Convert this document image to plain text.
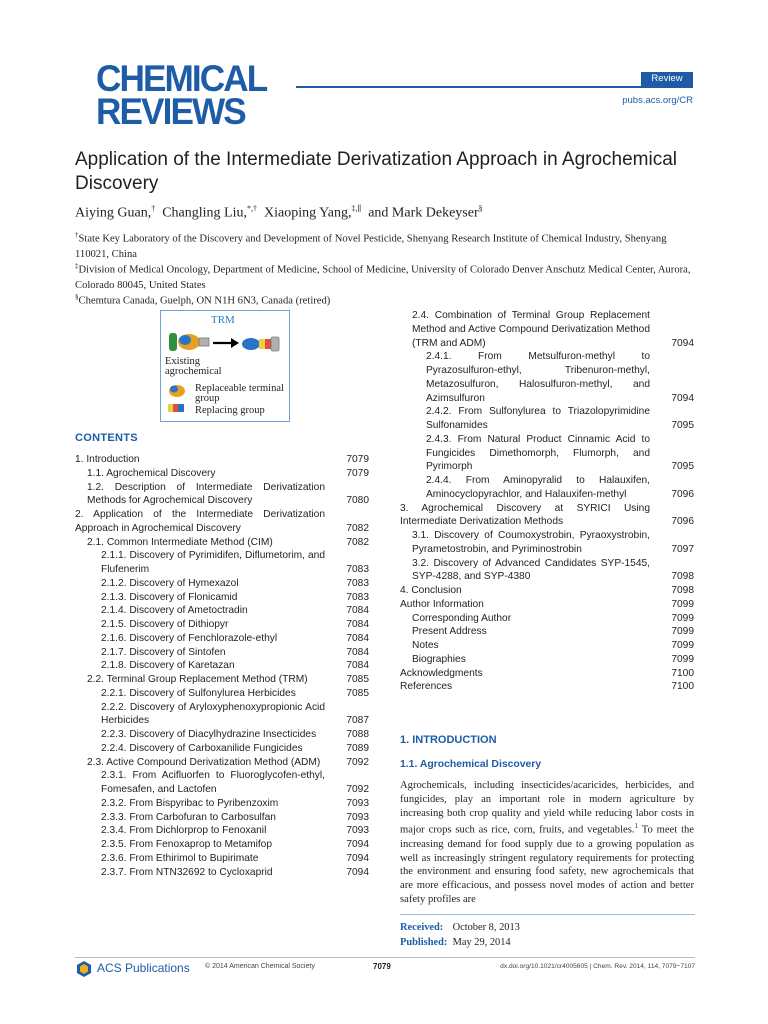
CHEMICAL
REVIEWS
Review
pubs.acs.org/CR
Application of the Intermediate Derivatization Approach in Agrochemical Discovery
Aiying Guan,† Changling Liu,*,† Xiaoping Yang,‡,∥ and Mark Dekeyser§
†State Key Laboratory of the Discovery and Development of Novel Pesticide, Shenyang Research Institute of Chemical Industry, Shenyang 110021, China
‡Division of Medical Oncology, Department of Medicine, School of Medicine, University of Colorado Denver Anschutz Medical Center, Aurora, Colorado 80045, United States
§Chemtura Canada, Guelph, ON N1H 6N3, Canada (retired)
TRM
Existing agrochemical
Replaceable terminal group
Replacing group
CONTENTS
1. Introduction	7079
1.1. Agrochemical Discovery	7079
1.2. Description of Intermediate Derivatization Methods for Agrochemical Discovery	7080
2. Application of the Intermediate Derivatization Approach in Agrochemical Discovery	7082
2.1. Common Intermediate Method (CIM)	7082
2.1.1. Discovery of Pyrimidifen, Diflumetorim, and Flufenerim	7083
2.1.2. Discovery of Hymexazol	7083
2.1.3. Discovery of Flonicamid	7083
2.1.4. Discovery of Ametoctradin	7084
2.1.5. Discovery of Dithiopyr	7084
2.1.6. Discovery of Fenchlorazole-ethyl	7084
2.1.7. Discovery of Sintofen	7084
2.1.8. Discovery of Karetazan	7084
2.2. Terminal Group Replacement Method (TRM)	7085
2.2.1. Discovery of Sulfonylurea Herbicides	7085
2.2.2. Discovery of Aryloxyphenoxypropionic Acid Herbicides	7087
2.2.3. Discovery of Diacylhydrazine Insecticides	7088
2.2.4. Discovery of Carboxanilide Fungicides	7089
2.3. Active Compound Derivatization Method (ADM)	7092
2.3.1. From Acifluorfen to Fluoroglycofen-ethyl, Fomesafen, and Lactofen	7092
2.3.2. From Bispyribac to Pyribenzoxim	7093
2.3.3. From Carbofuran to Carbosulfan	7093
2.3.4. From Dichlorprop to Fenoxanil	7093
2.3.5. From Fenoxaprop to Metamifop	7094
2.3.6. From Ethirimol to Bupirimate	7094
2.3.7. From NTN32692 to Cycloxaprid	7094
2.4. Combination of Terminal Group Replacement Method and Active Compound Derivatization Method (TRM and ADM)	7094
2.4.1. From Metsulfuron-methyl to Pyrazosulfuron-ethyl, Tribenuron-methyl, Metazosulfuron, Halosulfuron-methyl, and Azimsulfuron	7094
2.4.2. From Sulfonylurea to Triazolopyrimidine Sulfonamides	7095
2.4.3. From Natural Product Cinnamic Acid to Fungicides Dimethomorph, Flumorph, and Pyrimorph	7095
2.4.4. From Aminopyralid to Halauxifen, Aminocyclopyrachlor, and Halauxifen-methyl	7096
3. Agrochemical Discovery at SYRICI Using Intermediate Derivatization Methods	7096
3.1. Discovery of Coumoxystrobin, Pyraoxystrobin, Pyrametostrobin, and Pyriminostrobin	7097
3.2. Discovery of Advanced Candidates SYP-1545, SYP-4288, and SYP-4380	7098
4. Conclusion	7098
Author Information	7099
Corresponding Author	7099
Present Address	7099
Notes	7099
Biographies	7099
Acknowledgments	7100
References	7100
1. INTRODUCTION
1.1. Agrochemical Discovery
Agrochemicals, including insecticides/acaricides, herbicides, and fungicides, play an important role in modern agriculture by increasing both crop quality and yield while reducing labor costs in major crops such as rice, corn, fruits, and vegetables.$^1$ To meet the increasing demand for food supply due to a growing population as well as increasingly stringent regulatory requirements for protecting the environment and ensuring food safety, new agrochemicals that are more efficacious, and possess novel modes of action and better safety profiles are
Received: October 8, 2013
Published: May 29, 2014
ACS Publications © 2014 American Chemical Society	7079	dx.doi.org/10.1021/cr4005605 | Chem. Rev. 2014, 114, 7079−7107
